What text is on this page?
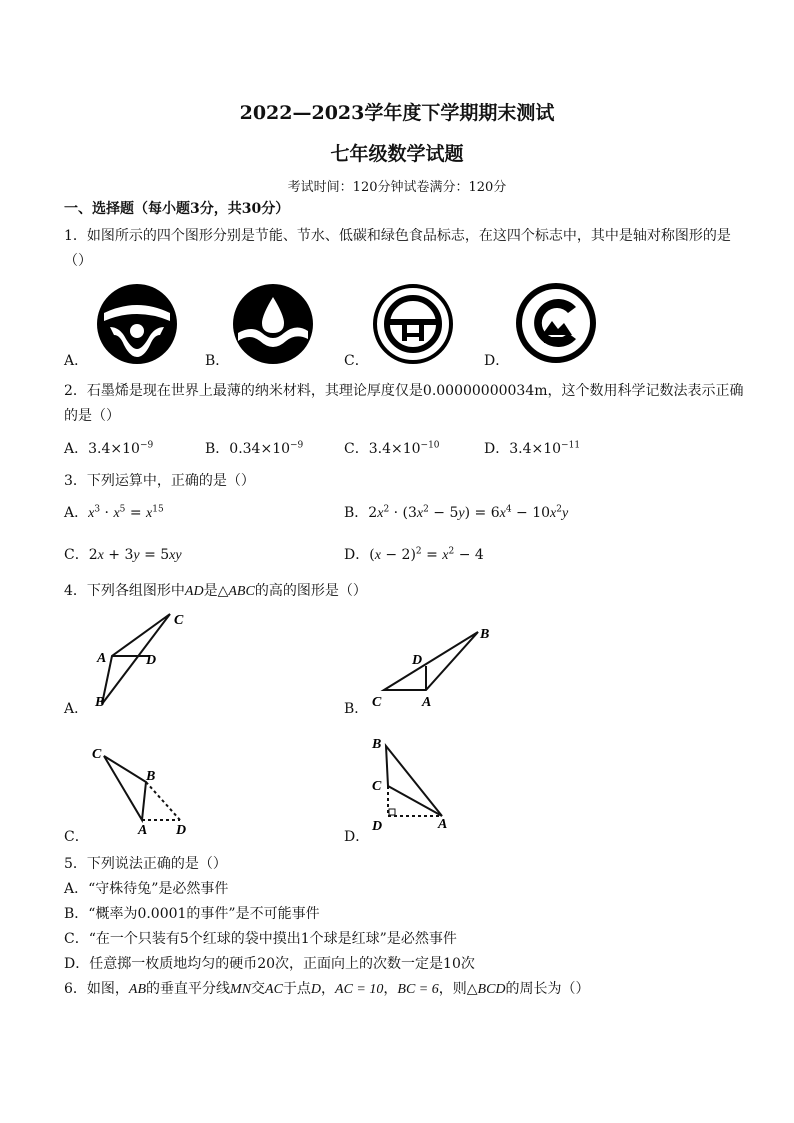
2022—2023学年度下学期期末测试
七年级数学试题
考试时间：120分钟试卷满分：120分
一、选择题（每小题3分，共30分）
1．如图所示的四个图形分别是节能、节水、低碳和绿色食品标志，在这四个标志中，其中是轴对称图形的是
（）
A．	B．	C．	D．
2．石墨烯是现在世界上最薄的纳米材料，其理论厚度仅是0.00000000034m，这个数用科学记数法表示正确
的是（）
A．$3.4\times 10^{-9}$	B．$0.34\times 10^{-9}$	C．$3.4\times 10^{-10}$	D．$3.4\times 10^{-11}$
3．下列运算中，正确的是（）
A．$x^3 \cdot x^5 = x^{15}$	B．$2x^2 \cdot (3x^2 - 5y) = 6x^4 - 10x^2y$
C．2x + 3y = 5xy	D．$(x - 2)^2 = x^2 - 4$
4．下列各组图形中AD是△ABC的高的图形是（）
C
A	D
B
B
D
C	A
A．	B．
C
B
A D
B
C
D	A
C．	D．
5．下列说法正确的是（）
A．“守株待兔”是必然事件
B．“概率为0.0001的事件”是不可能事件
C．“在一个只装有5个红球的袋中摸出1个球是红球”是必然事件
D．任意掷一枚质地均匀的硬币20次，正面向上的次数一定是10次
6．如图，AB的垂直平分线MN交AC于点D，AC = 10，BC = 6，则△BCD的周长为（）
